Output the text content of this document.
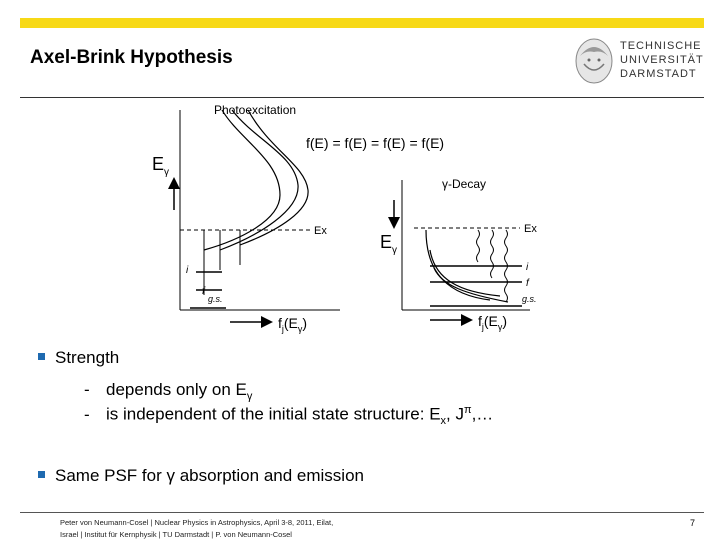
Axel-Brink Hypothesis
TECHNISCHE
UNIVERSITÄT
DARMSTADT
Photoexcitation
$E_\gamma$
Ex
i
f
g.s.
$f_j(E_\gamma)$
f(E) = f(E) = f(E) = f(E)
γ-Decay
$E_\gamma$
Ex
i
f
g.s.
$f_j(E_\gamma)$
Strength
- depends only on $E_\gamma$
- is independent of the initial state structure: $E_x$, $J^\pi,\dots$
Same PSF for γ absorption and emission
Peter von Neumann-Cosel | Nuclear Physics in Astrophysics, April 3-8, 2011, Eilat,
Israel | Institut für Kernphysik | TU Darmstadt | P. von Neumann-Cosel
7
